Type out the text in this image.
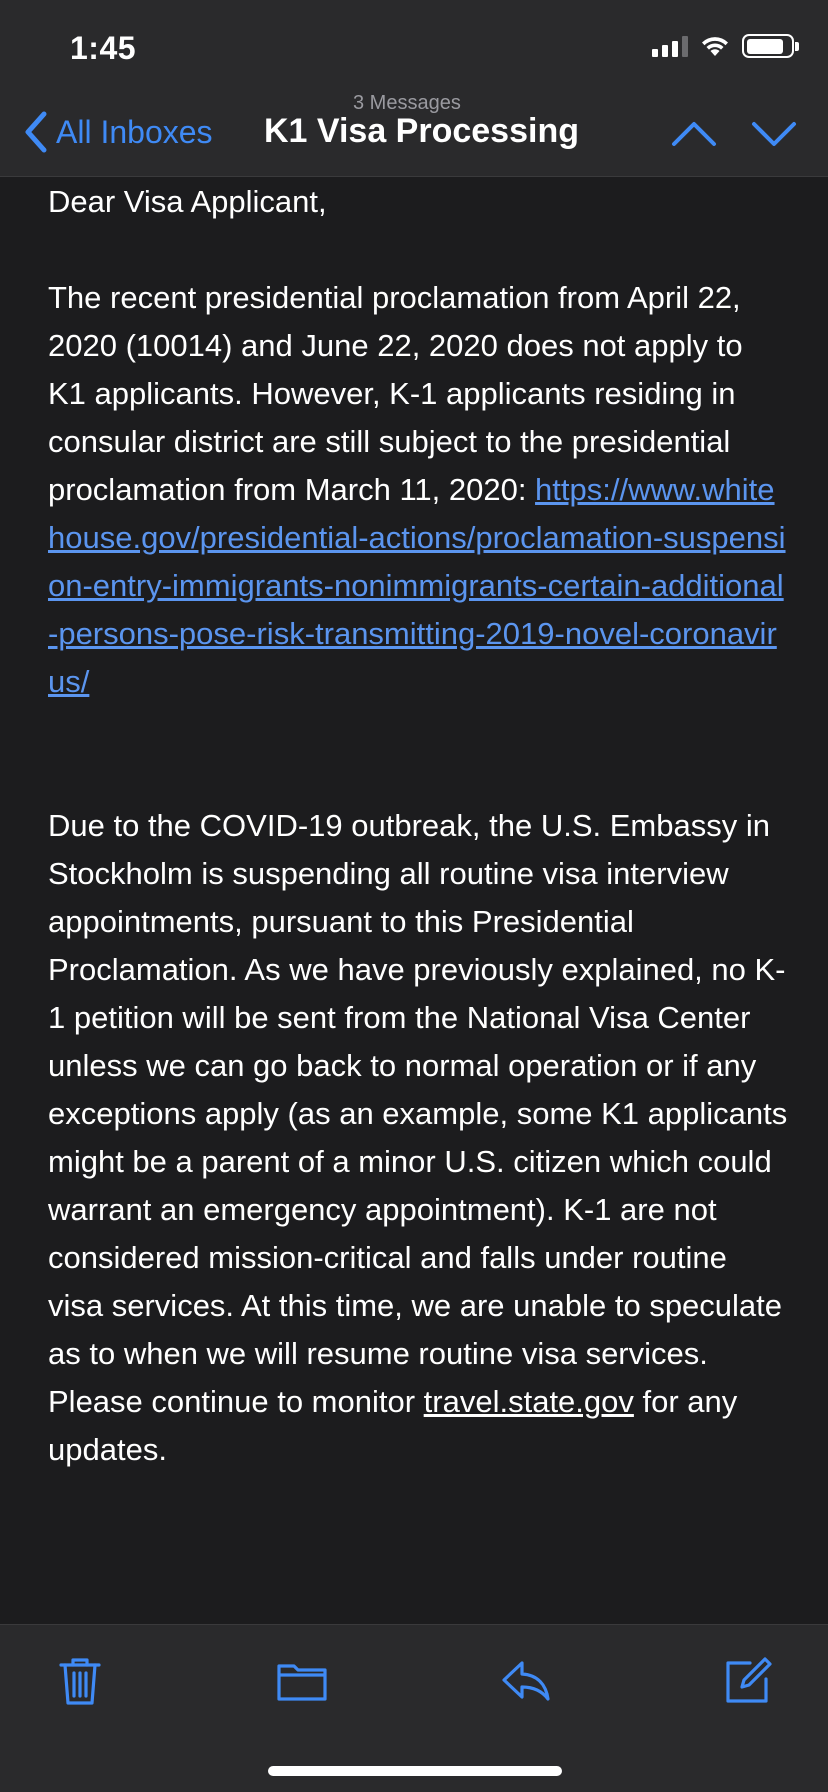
1:45
All Inboxes
3 Messages
K1 Visa Processing

Dear Visa Applicant,

The recent presidential proclamation from April 22, 2020 (10014) and June 22, 2020 does not apply to K1 applicants. However, K-1 applicants residing in consular district are still subject to the presidential proclamation from March 11, 2020: https://www.whitehouse.gov/presidential-actions/proclamation-suspension-entry-immigrants-nonimmigrants-certain-additional-persons-pose-risk-transmitting-2019-novel-coronavirus/

Due to the COVID-19 outbreak, the U.S. Embassy in Stockholm is suspending all routine visa interview appointments, pursuant to this Presidential Proclamation. As we have previously explained, no K-1 petition will be sent from the National Visa Center unless we can go back to normal operation or if any exceptions apply (as an example, some K1 applicants might be a parent of a minor U.S. citizen which could warrant an emergency appointment). K-1 are not considered mission-critical and falls under routine visa services. At this time, we are unable to speculate as to when we will resume routine visa services. Please continue to monitor travel.state.gov for any updates.
